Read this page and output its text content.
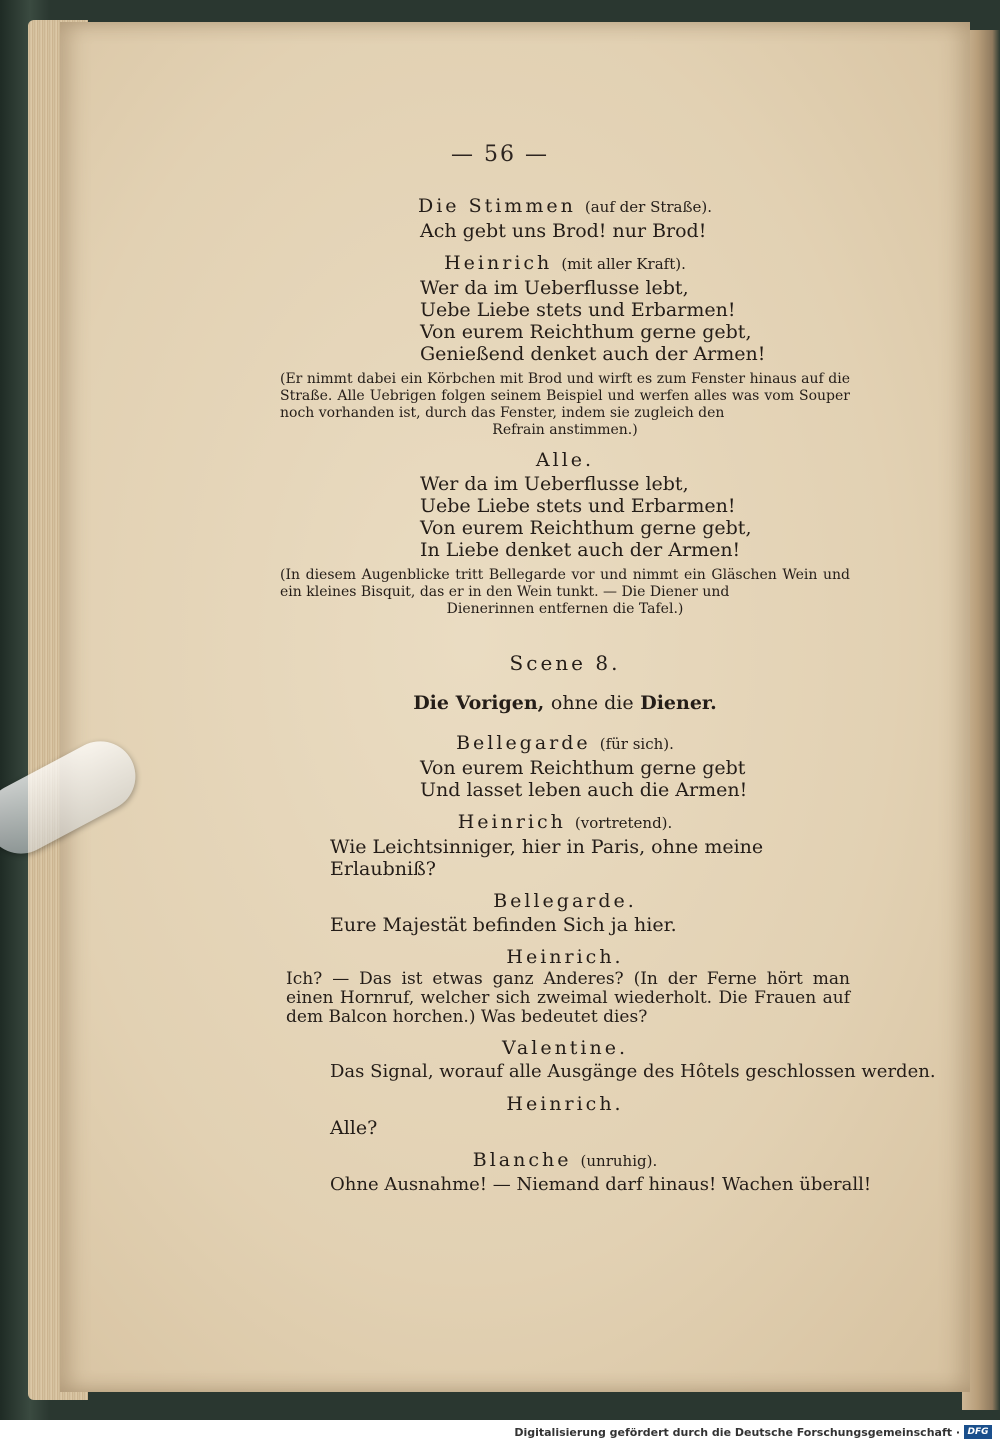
— 56 —
Die Stimmen (auf der Straße).
Ach gebt uns Brod! nur Brod!
Heinrich (mit aller Kraft).
Wer da im Ueberflusse lebt,
Uebe Liebe stets und Erbarmen!
Von eurem Reichthum gerne gebt,
Genießend denket auch der Armen!
(Er nimmt dabei ein Körbchen mit Brod und wirft es zum Fenster hinaus auf die Straße. Alle Uebrigen folgen seinem Beispiel und werfen alles was vom Souper noch vorhanden ist, durch das Fenster, indem sie zugleich den
Refrain anstimmen.)
Alle.
Wer da im Ueberflusse lebt,
Uebe Liebe stets und Erbarmen!
Von eurem Reichthum gerne gebt,
In Liebe denket auch der Armen!
(In diesem Augenblicke tritt Bellegarde vor und nimmt ein Gläschen Wein und ein kleines Bisquit, das er in den Wein tunkt. — Die Diener und
Dienerinnen entfernen die Tafel.)
Scene 8.
Die Vorigen, ohne die Diener.
Bellegarde (für sich).
Von eurem Reichthum gerne gebt
Und lasset leben auch die Armen!
Heinrich (vortretend).
Wie Leichtsinniger, hier in Paris, ohne meine Erlaubniß?
Bellegarde.
Eure Majestät befinden Sich ja hier.
Heinrich.
Ich? — Das ist etwas ganz Anderes? (In der Ferne hört man einen Hornruf, welcher sich zweimal wiederholt. Die Frauen auf dem Balcon horchen.) Was bedeutet dies?
Valentine.
Das Signal, worauf alle Ausgänge des Hôtels geschlossen werden.
Heinrich.
Alle?
Blanche (unruhig).
Ohne Ausnahme! — Niemand darf hinaus! Wachen überall!
Digitalisierung gefördert durch die Deutsche Forschungsgemeinschaft · DFG
